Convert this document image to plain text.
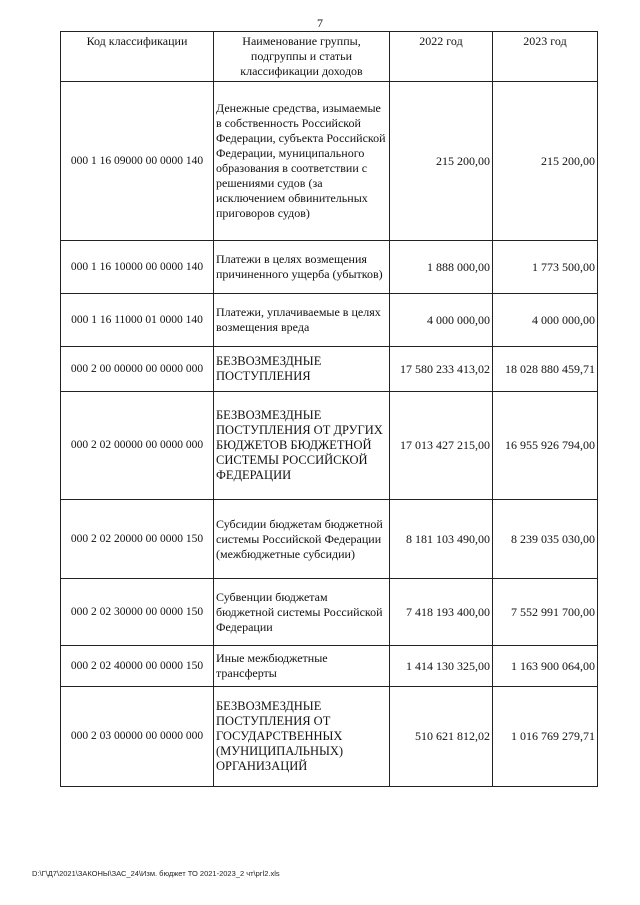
7
Код классификации	Наименование группы, подгруппы и статьи классификации доходов	2022 год	2023 год
000 1 16 09000 00 0000 140	Денежные средства, изымаемые в собственность Российской Федерации, субъекта Российской Федерации, муниципального образования в соответствии с решениями судов (за исключением обвинительных приговоров судов)	215 200,00	215 200,00
000 1 16 10000 00 0000 140	Платежи в целях возмещения причиненного ущерба (убытков)	1 888 000,00	1 773 500,00
000 1 16 11000 01 0000 140	Платежи, уплачиваемые в целях возмещения вреда	4 000 000,00	4 000 000,00
000 2 00 00000 00 0000 000	БЕЗВОЗМЕЗДНЫЕ ПОСТУПЛЕНИЯ	17 580 233 413,02	18 028 880 459,71
000 2 02 00000 00 0000 000	БЕЗВОЗМЕЗДНЫЕ ПОСТУПЛЕНИЯ ОТ ДРУГИХ БЮДЖЕТОВ БЮДЖЕТНОЙ СИСТЕМЫ РОССИЙСКОЙ ФЕДЕРАЦИИ	17 013 427 215,00	16 955 926 794,00
000 2 02 20000 00 0000 150	Субсидии бюджетам бюджетной системы Российской Федерации (межбюджетные субсидии)	8 181 103 490,00	8 239 035 030,00
000 2 02 30000 00 0000 150	Субвенции бюджетам бюджетной системы Российской Федерации	7 418 193 400,00	7 552 991 700,00
000 2 02 40000 00 0000 150	Иные межбюджетные трансферты	1 414 130 325,00	1 163 900 064,00
000 2 03 00000 00 0000 000	БЕЗВОЗМЕЗДНЫЕ ПОСТУПЛЕНИЯ ОТ ГОСУДАРСТВЕННЫХ (МУНИЦИПАЛЬНЫХ) ОРГАНИЗАЦИЙ	510 621 812,02	1 016 769 279,71
D:\Г\Д7\2021\ЗАКОНЫ\ЗАС_24\Изм. бюджет ТО 2021-2023_2 чт\ргl2.xls
